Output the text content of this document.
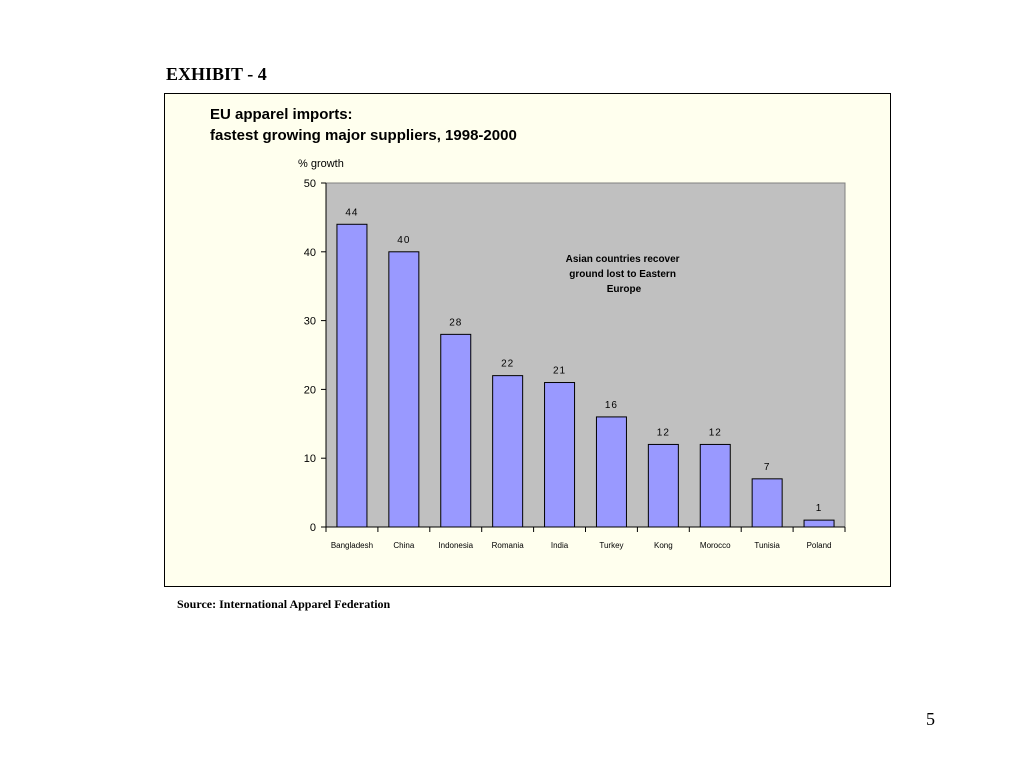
EXHIBIT - 4
EU apparel imports:
fastest growing major suppliers, 1998-2000
% growth
44
40
28
22
21
16
12	12
7
1
Bangladesh	China	Indonesia Romania	India	Turkey	Kong	Morocco	Tunisia	Poland
0
10
20
30
40
50
Asian countries recover ground lost to Eastern Europe
Source: International Apparel Federation
5
